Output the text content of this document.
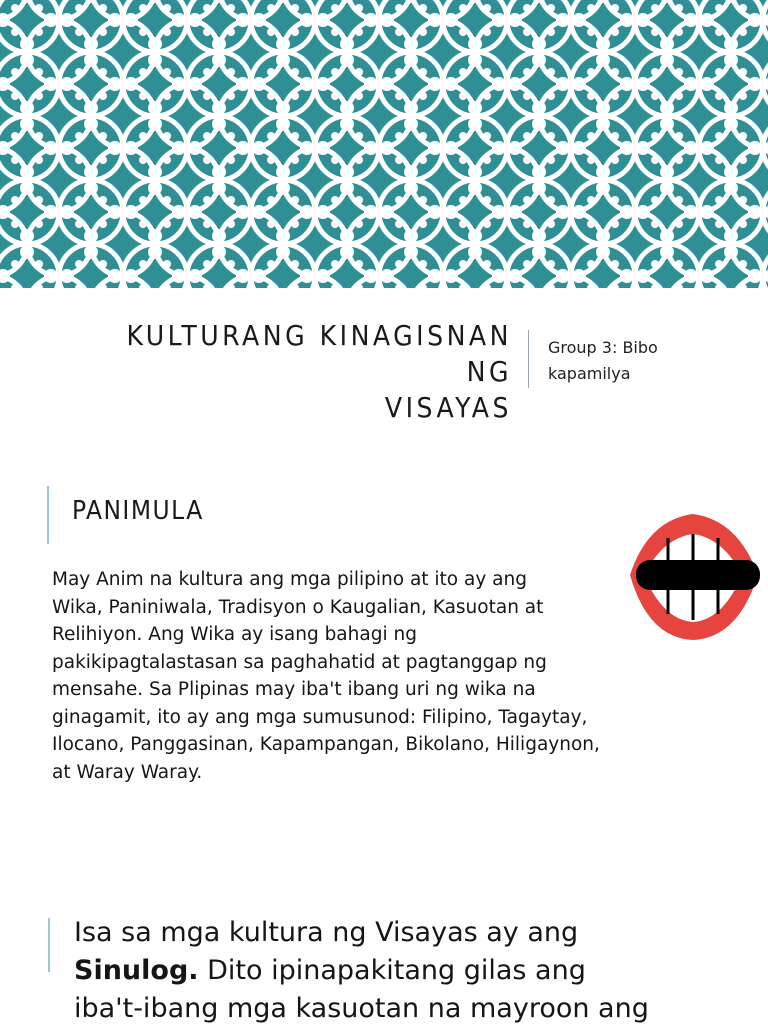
KULTURANG KINAGISNAN NG
VISAYAS
Group 3: Bibo
kapamilya
PANIMULA
May Anim na kultura ang mga pilipino at ito ay ang
Wika, Paniniwala, Tradisyon o Kaugalian, Kasuotan at
Relihiyon. Ang Wika ay isang bahagi ng
pakikipagtalastasan sa paghahatid at pagtanggap ng
mensahe. Sa Plipinas may iba't ibang uri ng wika na
ginagamit, ito ay ang mga sumusunod: Filipino, Tagaytay,
Ilocano, Panggasinan, Kapampangan, Bikolano, Hiligaynon,
at Waray Waray.
Isa sa mga kultura ng Visayas ay ang
Sinulog. Dito ipinapakitang gilas ang
iba't-ibang mga kasuotan na mayroon ang
